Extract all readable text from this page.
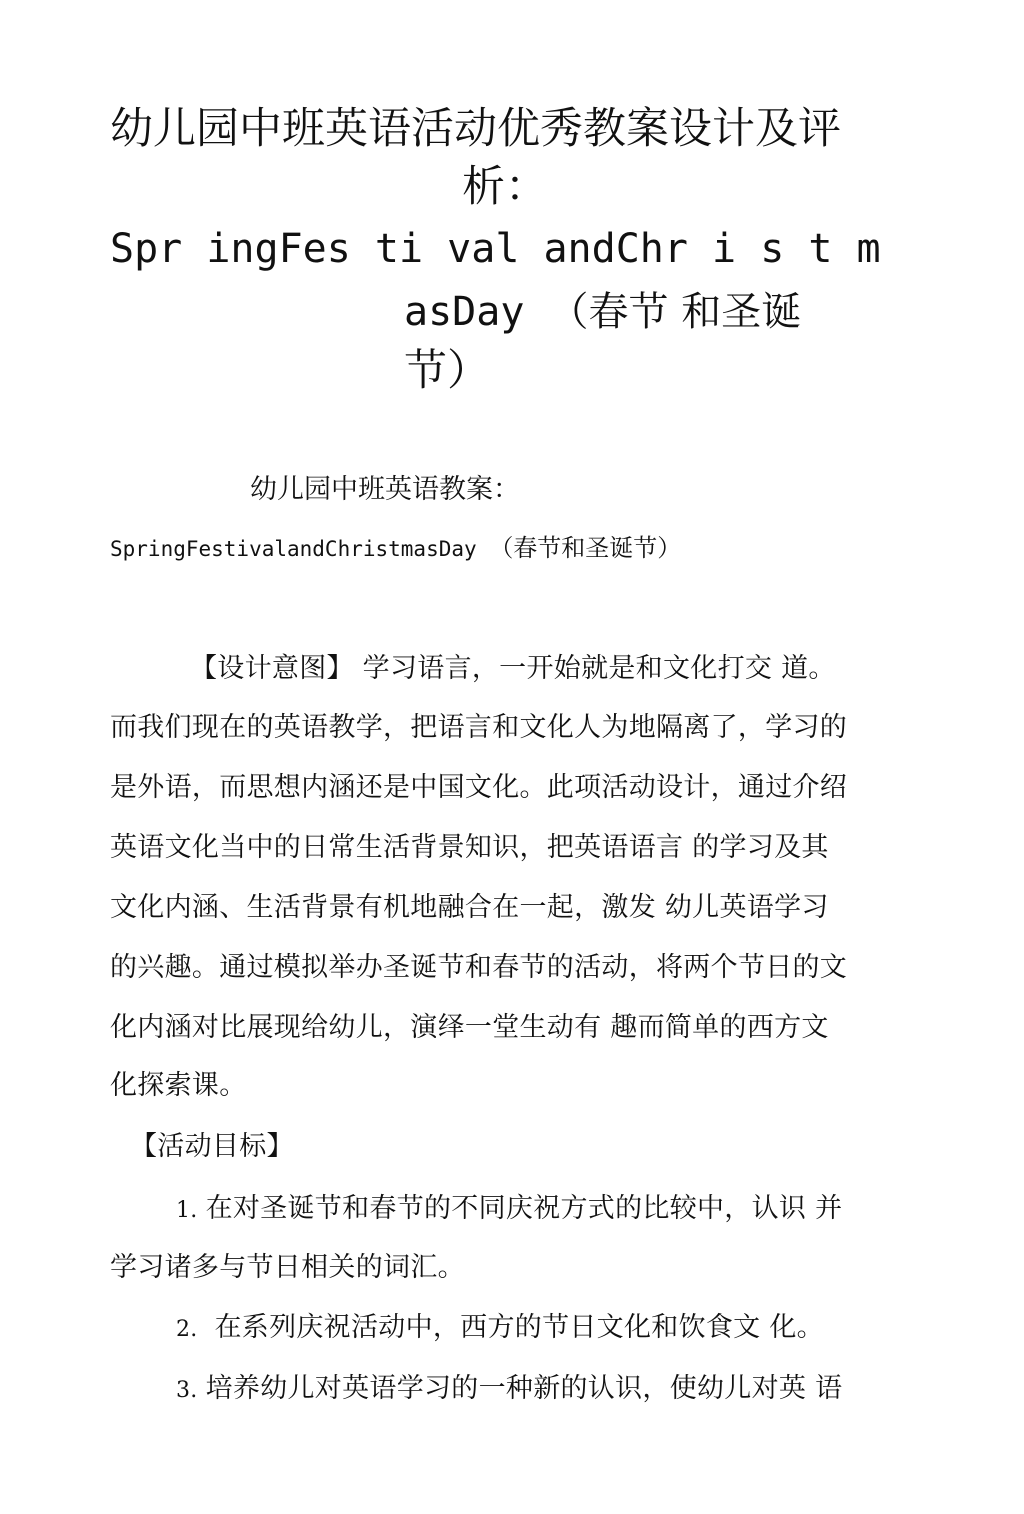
幼儿园中班英语活动优秀教案设计及评
析：
Spr ingFes ti val andChr i s t m
asDay （春节 和圣诞
节）
幼儿园中班英语教案：
SpringFestivalandChristmasDay （春节和圣诞节）
【设计意图】 学习语言，一开始就是和文化打交 道。
而我们现在的英语教学，把语言和文化人为地隔离了，学习的
是外语，而思想内涵还是中国文化。此项活动设计，通过介绍
英语文化当中的日常生活背景知识，把英语语言 的学习及其
文化内涵、生活背景有机地融合在一起，激发 幼儿英语学习
的兴趣。通过模拟举办圣诞节和春节的活动，将两个节日的文
化内涵对比展现给幼儿，演绎一堂生动有 趣而简单的西方文
化探索课。
【活动目标】
1. 在对圣诞节和春节的不同庆祝方式的比较中，认识 并
学习诸多与节日相关的词汇。
2. 在系列庆祝活动中，西方的节日文化和饮食文 化。
3. 培养幼儿对英语学习的一种新的认识，使幼儿对英 语
